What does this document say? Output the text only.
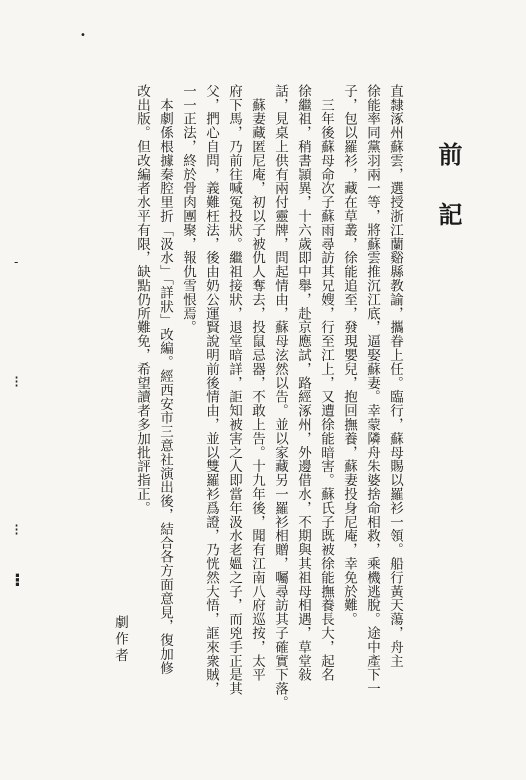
•
-
⁝
⁝
⁝
前記

直隸涿州蘇雲，選授浙江蘭谿縣教諭，攜眷上任。臨行，蘇母賜以羅衫一領。船行黃天蕩，舟主

徐能率同黨羽兩一等，將蘇雲推沉江底，逼娶蘇妻。幸蒙隣舟朱婆捨命相救，乘機逃脫。途中產下一

子，包以羅衫，藏在草叢，徐能追至，發現嬰兒，抱回撫養，蘇妻投身尼庵，幸免於難。

　三年後蘇母命次子蘇雨尋訪其兄嫂，行至江上，又遭徐能暗害。蘇氏子既被徐能撫養長大，起名

徐繼祖，稍書頴異，十六歲即中舉，赴京應試，路經涿州，外邊借水，不期與其祖母相遇，草堂敍

話，見桌上供有兩付靈牌，問起情由，蘇母泫然以告。並以家藏另一羅衫相贈，囑尋訪其子確實下落。

　蘇妻藏匿尼庵，初以子被仇人奪去，投鼠忌器，不敢上告。十九年後，聞有江南八府巡按，太平

府下馬，乃前往喊冤投狀。繼祖接狀，退堂暗詳，詎知被害之人即當年汲水老媼之子，而兇手正是其

父，捫心自問，義難枉法，後由奶公運賢說明前後情由，並以雙羅衫爲證，乃恍然大悟，誆來衆賊，

一一正法，終於骨肉團聚，報仇雪恨焉。

　本劇係根據秦腔里折「汲水」「詳狀」改編。經西安市三意社演出後，結合各方面意見，復加修

改出版。但改編者水平有限，缺點仍所難免，希望讀者多加批評指正。

劇作者
